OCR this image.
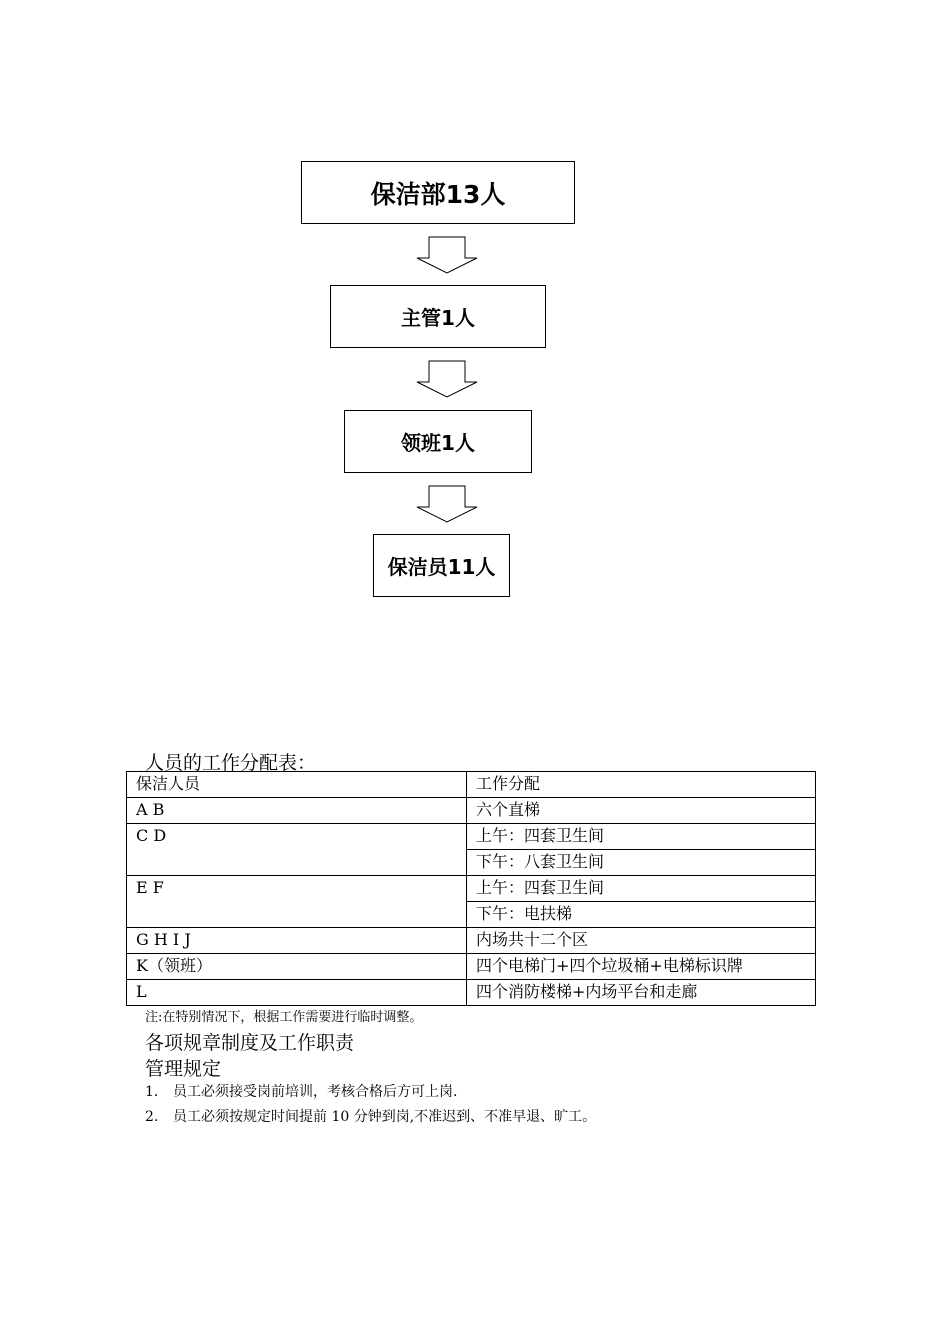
保洁部13人
主管1人
领班1人
保洁员11人
人员的工作分配表：
保洁人员	工作分配
A B	六个直梯
C D	上午：四套卫生间
	下午：八套卫生间
E F	上午：四套卫生间
	下午：电扶梯
G H I J	内场共十二个区
K（领班）	四个电梯门+四个垃圾桶+电梯标识牌
L	四个消防楼梯+内场平台和走廊
注:在特别情况下，根据工作需要进行临时调整。
各项规章制度及工作职责
管理规定
1. 员工必须接受岗前培训，考核合格后方可上岗.
2. 员工必须按规定时间提前 10 分钟到岗,不准迟到、不准早退、旷工。
